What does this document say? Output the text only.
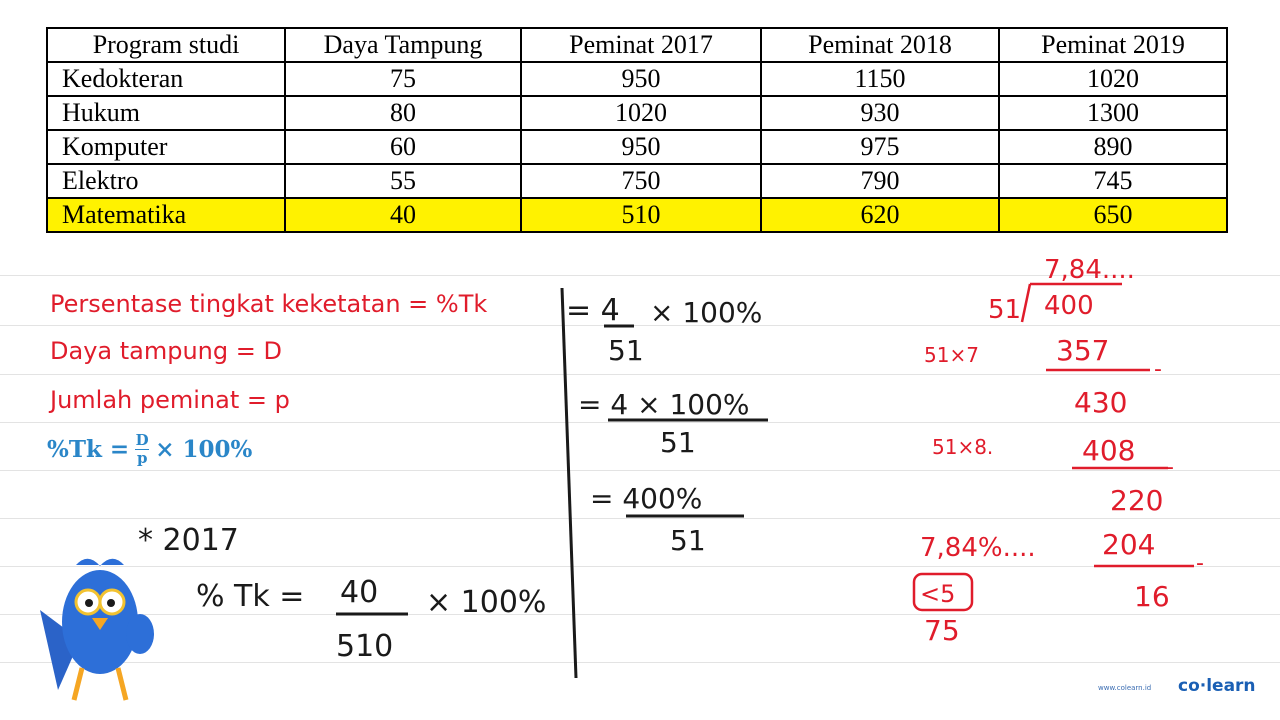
Program studi	Daya Tampung	Peminat 2017	Peminat 2018	Peminat 2019
Kedokteran	75	950	1150	1020
Hukum	80	1020	930	1300
Komputer	60	950	975	890
Elektro	55	750	790	745
Matematika	40	510	620	650
Persentase tingkat keketatan = %Tk
Daya tampung = D
Jumlah peminat = p
$\%Tk = \frac{D}{p} \times 100\%$
* 2017
% Tk = 40
510
× 100%
= 4
51
× 100%
= 4 × 100%
51
= 400%
51
7,84....
51 400
51×7	357
-
430
51×8.	408
-
220
7,84%.... 204
-
16
<5
75
www.colearn.id co·learn
